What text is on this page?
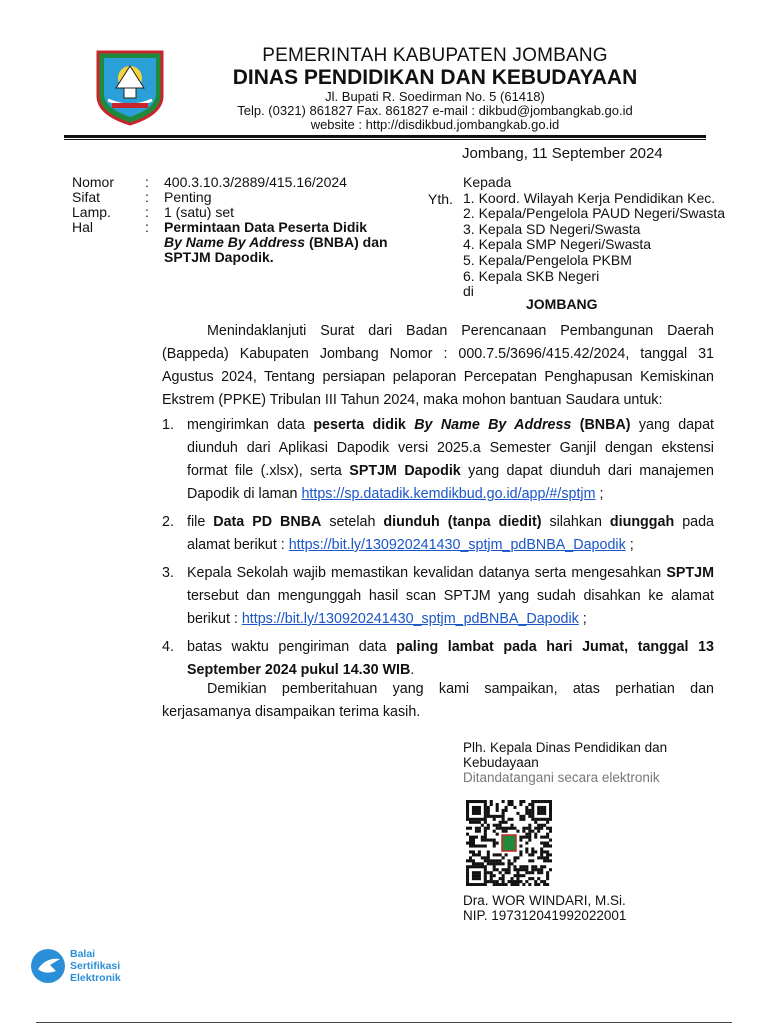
PEMERINTAH KABUPATEN JOMBANG
DINAS PENDIDIKAN DAN KEBUDAYAAN
Jl. Bupati R. Soedirman No. 5 (61418)
Telp. (0321) 861827 Fax. 861827 e-mail : dikbud@jombangkab.go.id
website : http://disdikbud.jombangkab.go.id
Jombang, 11 September 2024
Nomor	:	400.3.10.3/2889/415.16/2024
Sifat	:	Penting
Lamp.	:	1 (satu) set
Hal	:	Permintaan Data Peserta Didik
By Name By Address (BNBA) dan
SPTJM Dapodik.
Yth.
Kepada
1. Koord. Wilayah Kerja Pendidikan Kec.
2. Kepala/Pengelola PAUD Negeri/Swasta
3. Kepala SD Negeri/Swasta
4. Kepala SMP Negeri/Swasta
5. Kepala/Pengelola PKBM
6. Kepala SKB Negeri
di
JOMBANG
Menindaklanjuti Surat dari Badan Perencanaan Pembangunan Daerah (Bappeda) Kabupaten Jombang Nomor : 000.7.5/3696/415.42/2024, tanggal 31 Agustus 2024, Tentang persiapan pelaporan Percepatan Penghapusan Kemiskinan Ekstrem (PPKE) Tribulan III Tahun 2024, maka mohon bantuan Saudara untuk:
1. mengirimkan data peserta didik By Name By Address (BNBA) yang dapat diunduh dari Aplikasi Dapodik versi 2025.a Semester Ganjil dengan ekstensi format file (.xlsx), serta SPTJM Dapodik yang dapat diunduh dari manajemen Dapodik di laman https://sp.datadik.kemdikbud.go.id/app/#/sptjm ;
2. file Data PD BNBA setelah diunduh (tanpa diedit) silahkan diunggah pada alamat berikut : https://bit.ly/130920241430_sptjm_pdBNBA_Dapodik ;
3. Kepala Sekolah wajib memastikan kevalidan datanya serta mengesahkan SPTJM tersebut dan mengunggah hasil scan SPTJM yang sudah disahkan ke alamat berikut : https://bit.ly/130920241430_sptjm_pdBNBA_Dapodik ;
4. batas waktu pengiriman data paling lambat pada hari Jumat, tanggal 13 September 2024 pukul 14.30 WIB.
Demikian pemberitahuan yang kami sampaikan, atas perhatian dan kerjasamanya disampaikan terima kasih.
Plh. Kepala Dinas Pendidikan dan
Kebudayaan
Ditandatangani secara elektronik
Dra. WOR WINDARI, M.Si.
NIP. 197312041992022001
Balai
Sertifikasi
Elektronik
